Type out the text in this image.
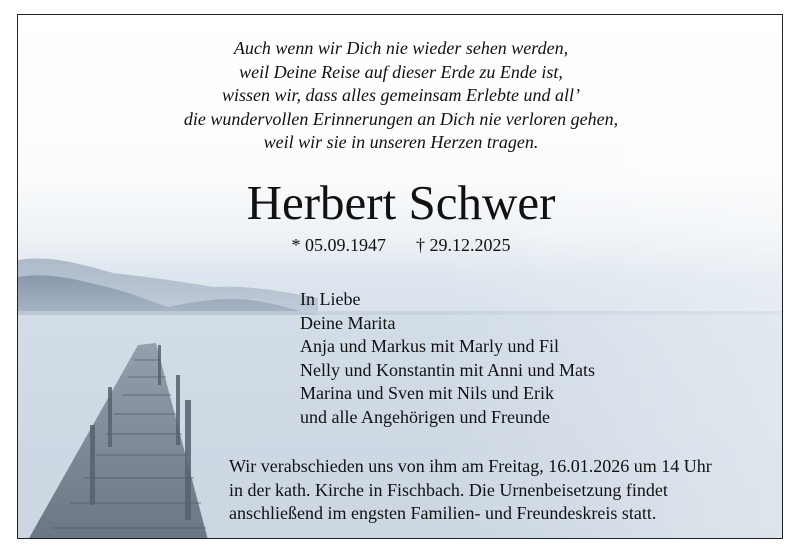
Auch wenn wir Dich nie wieder sehen werden,
weil Deine Reise auf dieser Erde zu Ende ist,
wissen wir, dass alles gemeinsam Erlebte und all’
die wundervollen Erinnerungen an Dich nie verloren gehen,
weil wir sie in unseren Herzen tragen.
Herbert Schwer
* 05.09.1947 † 29.12.2025
In Liebe
Deine Marita
Anja und Markus mit Marly und Fil
Nelly und Konstantin mit Anni und Mats
Marina und Sven mit Nils und Erik
und alle Angehörigen und Freunde
Wir verabschieden uns von ihm am Freitag, 16.01.2026 um 14 Uhr
in der kath. Kirche in Fischbach. Die Urnenbeisetzung findet
anschließend im engsten Familien- und Freundeskreis statt.
